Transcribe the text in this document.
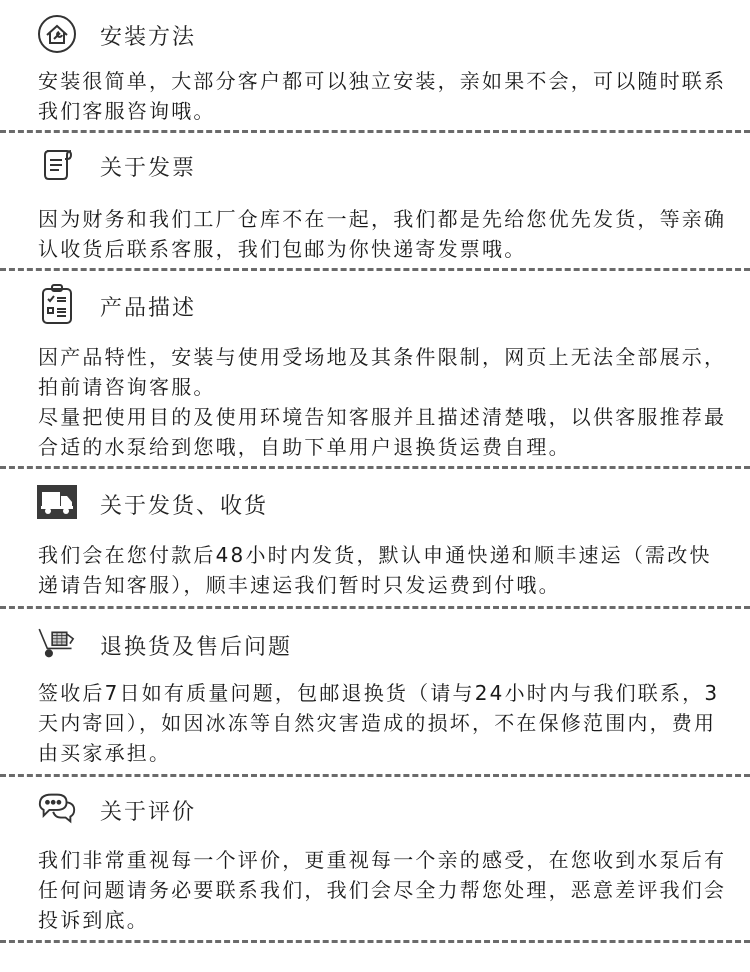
安装方法

安装很简单，大部分客户都可以独立安装，亲如果不会，可以随时联系我们客服咨询哦。

关于发票

因为财务和我们工厂仓库不在一起，我们都是先给您优先发货，等亲确认收货后联系客服，我们包邮为你快递寄发票哦。

产品描述

因产品特性，安装与使用受场地及其条件限制，网页上无法全部展示，拍前请咨询客服。

尽量把使用目的及使用环境告知客服并且描述清楚哦，以供客服推荐最合适的水泵给到您哦，自助下单用户退换货运费自理。

关于发货、收货

我们会在您付款后48小时内发货，默认申通快递和顺丰速运（需改快递请告知客服），顺丰速运我们暂时只发运费到付哦。

退换货及售后问题

签收后7日如有质量问题，包邮退换货（请与24小时内与我们联系，3天内寄回），如因冰冻等自然灾害造成的损坏，不在保修范围内，费用由买家承担。

关于评价

我们非常重视每一个评价，更重视每一个亲的感受，在您收到水泵后有任何问题请务必要联系我们，我们会尽全力帮您处理，恶意差评我们会投诉到底。
